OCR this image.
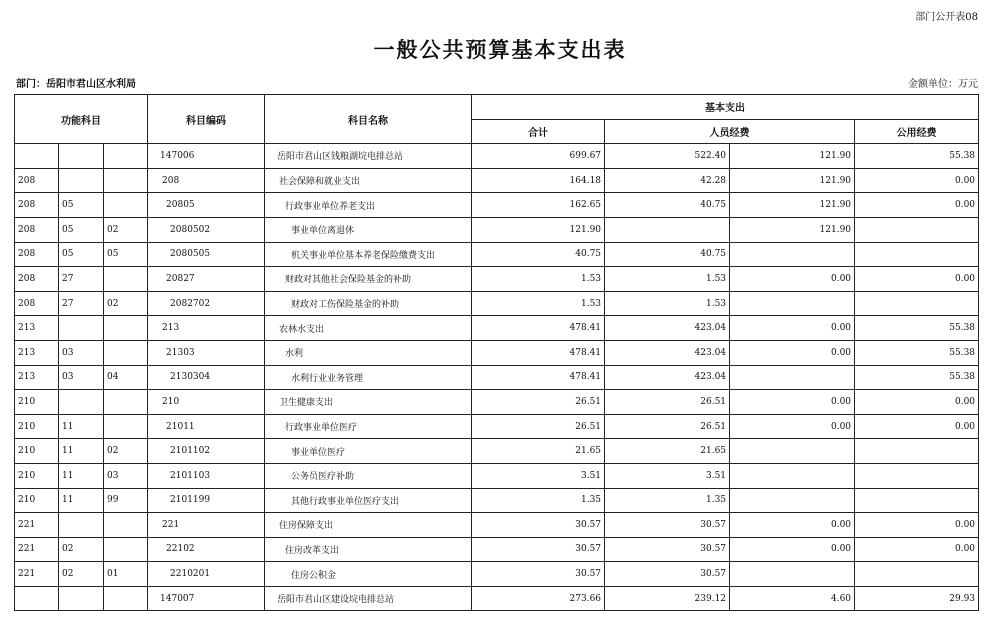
部门公开表08
一般公共预算基本支出表
部门：岳阳市君山区水利局	金额单位：万元
功能科目			科目编码	科目名称	基本支出			
					合计	人员经费		公用经费
			147006	岳阳市君山区钱粮湖垸电排总站	699.67	522.40	121.90	55.38
208			208	社会保障和就业支出	164.18	42.28	121.90	0.00
208	05		20805	行政事业单位养老支出	162.65	40.75	121.90	0.00
208	05	02	2080502	事业单位离退休	121.90		121.90	
208	05	05	2080505	机关事业单位基本养老保险缴费支出	40.75	40.75		
208	27		20827	财政对其他社会保险基金的补助	1.53	1.53	0.00	0.00
208	27	02	2082702	财政对工伤保险基金的补助	1.53	1.53		
213			213	农林水支出	478.41	423.04	0.00	55.38
213	03		21303	水利	478.41	423.04	0.00	55.38
213	03	04	2130304	水利行业业务管理	478.41	423.04		55.38
210			210	卫生健康支出	26.51	26.51	0.00	0.00
210	11		21011	行政事业单位医疗	26.51	26.51	0.00	0.00
210	11	02	2101102	事业单位医疗	21.65	21.65		
210	11	03	2101103	公务员医疗补助	3.51	3.51		
210	11	99	2101199	其他行政事业单位医疗支出	1.35	1.35		
221			221	住房保障支出	30.57	30.57	0.00	0.00
221	02		22102	住房改革支出	30.57	30.57	0.00	0.00
221	02	01	2210201	住房公积金	30.57	30.57		
			147007	岳阳市君山区建设垸电排总站	273.66	239.12	4.60	29.93
